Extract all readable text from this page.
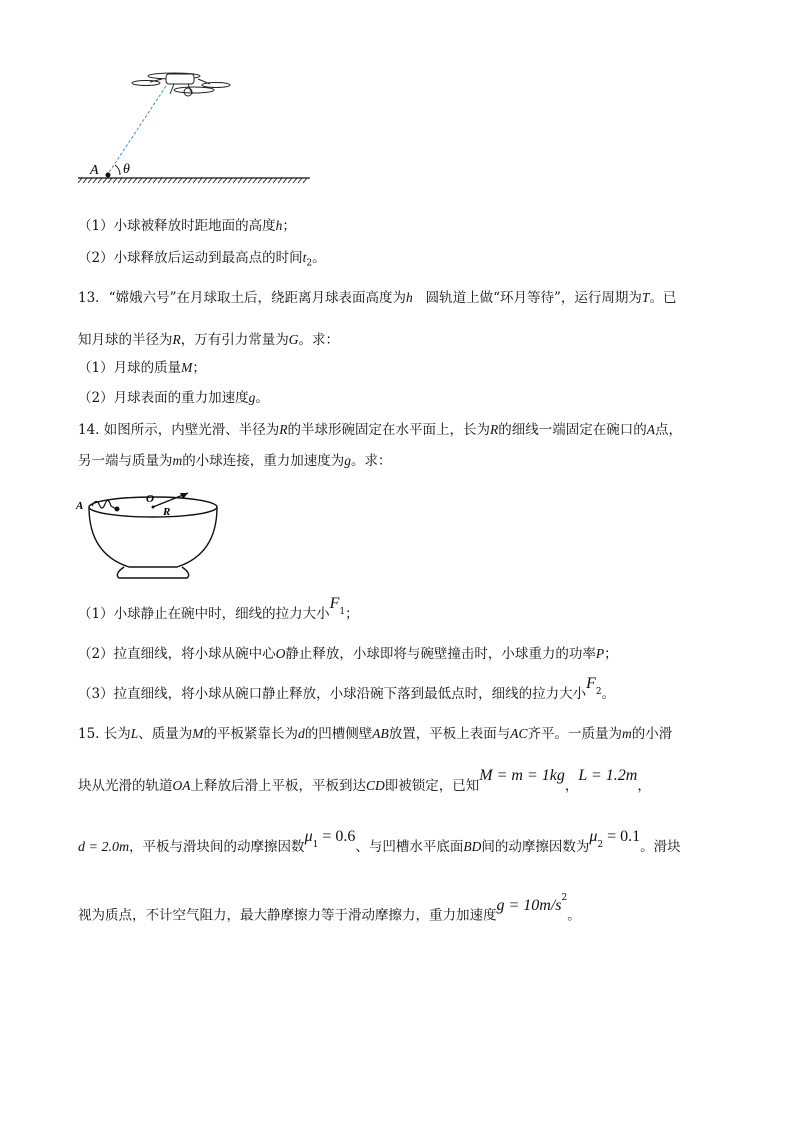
A θ
（1）小球被释放时距地面的高度h；
（2）小球释放后运动到最高点的时间$t_2$。
13．“嫦娥六号”在月球取土后，绕距离月球表面高度为h 圆轨道上做“环月等待”，运行周期为T。已
知月球的半径为R，万有引力常量为G。求：
（1）月球的质量M；
（2）月球表面的重力加速度g。
14. 如图所示，内壁光滑、半径为R的半球形碗固定在水平面上，长为R的细线一端固定在碗口的A点，
另一端与质量为m的小球连接，重力加速度为g。求：
A
O
R
（1）小球静止在碗中时，细线的拉力大小$F_1$；
（2）拉直细线，将小球从碗中心O静止释放，小球即将与碗壁撞击时，小球重力的功率P；
（3）拉直细线，将小球从碗口静止释放，小球沿碗下落到最低点时，细线的拉力大小$F_2$。
15. 长为L、质量为M的平板紧靠长为d的凹槽侧壁AB放置，平板上表面与AC齐平。一质量为m的小滑
块从光滑的轨道OA上释放后滑上平板，平板到达CD即被锁定，已知M = m = 1kg，L = 1.2m，
d = 2.0m，平板与滑块间的动摩擦因数$\mu_1 = 0.6$、与凹槽水平底面BD间的动摩擦因数为$\mu_2 = 0.1$。滑块
视为质点，不计空气阻力，最大静摩擦力等于滑动摩擦力，重力加速度$g = 10m/s^2$。
